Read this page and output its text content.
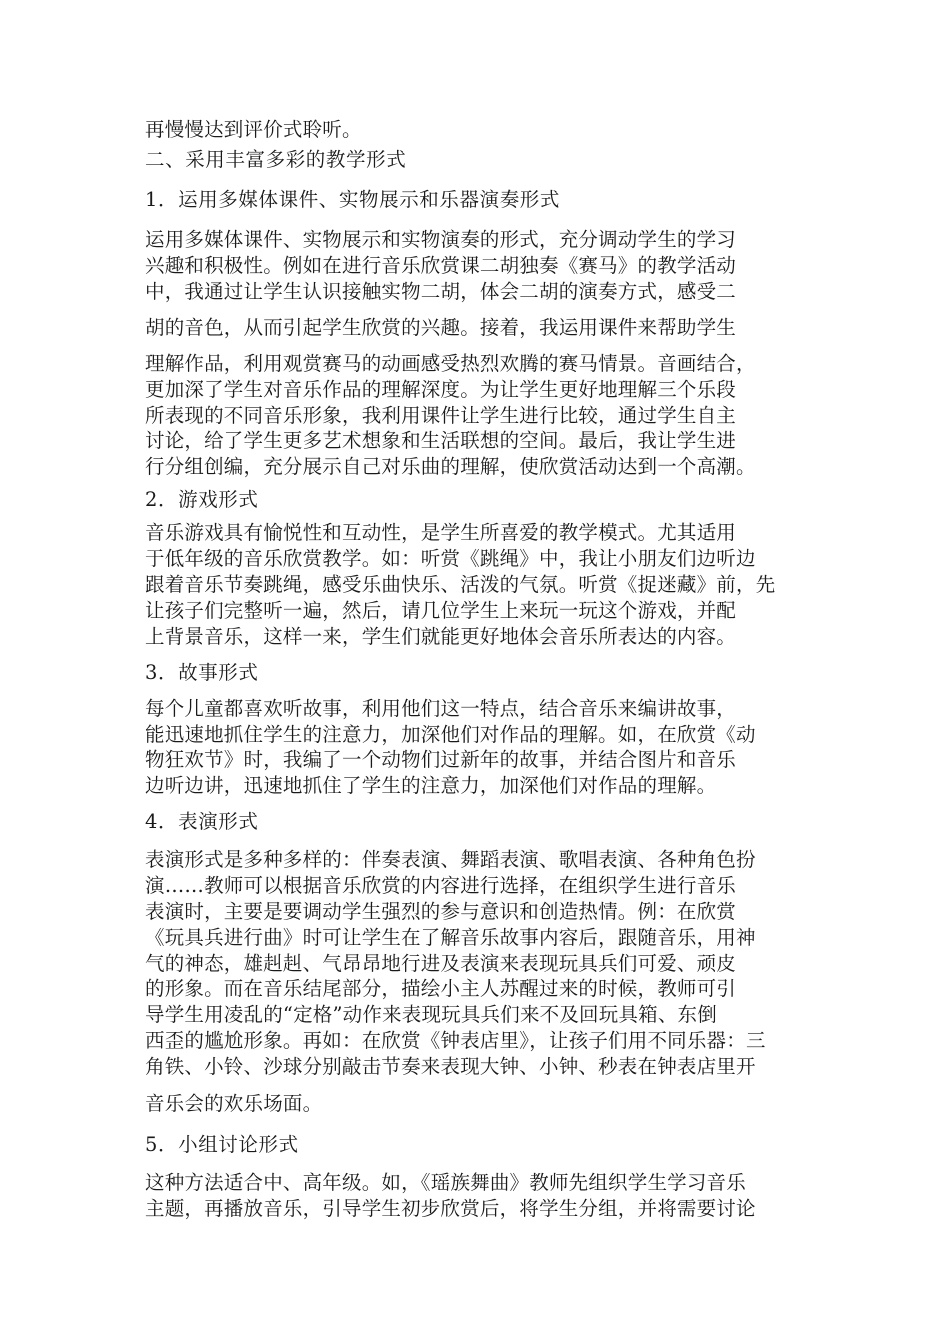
再慢慢达到评价式聆听。

二、采用丰富多彩的教学形式

1．运用多媒体课件、实物展示和乐器演奏形式

运用多媒体课件、实物展示和实物演奏的形式，充分调动学生的学习

兴趣和积极性。例如在进行音乐欣赏课二胡独奏《赛马》的教学活动

中，我通过让学生认识接触实物二胡，体会二胡的演奏方式，感受二

胡的音色，从而引起学生欣赏的兴趣。接着，我运用课件来帮助学生

理解作品，利用观赏赛马的动画感受热烈欢腾的赛马情景。音画结合，

更加深了学生对音乐作品的理解深度。为让学生更好地理解三个乐段

所表现的不同音乐形象，我利用课件让学生进行比较，通过学生自主

讨论，给了学生更多艺术想象和生活联想的空间。最后，我让学生进

行分组创编，充分展示自己对乐曲的理解，使欣赏活动达到一个高潮。

2．游戏形式

音乐游戏具有愉悦性和互动性，是学生所喜爱的教学模式。尤其适用

于低年级的音乐欣赏教学。如：听赏《跳绳》中，我让小朋友们边听边

跟着音乐节奏跳绳，感受乐曲快乐、活泼的气氛。听赏《捉迷藏》前，先

让孩子们完整听一遍，然后，请几位学生上来玩一玩这个游戏，并配

上背景音乐，这样一来，学生们就能更好地体会音乐所表达的内容。

3．故事形式

每个儿童都喜欢听故事，利用他们这一特点，结合音乐来编讲故事，

能迅速地抓住学生的注意力，加深他们对作品的理解。如，在欣赏《动

物狂欢节》时，我编了一个动物们过新年的故事，并结合图片和音乐

边听边讲，迅速地抓住了学生的注意力，加深他们对作品的理解。

4．表演形式

表演形式是多种多样的：伴奏表演、舞蹈表演、歌唱表演、各种角色扮

演……教师可以根据音乐欣赏的内容进行选择，在组织学生进行音乐

表演时，主要是要调动学生强烈的参与意识和创造热情。例：在欣赏

《玩具兵进行曲》时可让学生在了解音乐故事内容后，跟随音乐，用神

气的神态，雄赳赳、气昂昂地行进及表演来表现玩具兵们可爱、顽皮

的形象。而在音乐结尾部分，描绘小主人苏醒过来的时候，教师可引

导学生用凌乱的“定格”动作来表现玩具兵们来不及回玩具箱、东倒

西歪的尴尬形象。再如：在欣赏《钟表店里》，让孩子们用不同乐器：三

角铁、小铃、沙球分别敲击节奏来表现大钟、小钟、秒表在钟表店里开

音乐会的欢乐场面。

5．小组讨论形式

这种方法适合中、高年级。如，《瑶族舞曲》教师先组织学生学习音乐

主题，再播放音乐，引导学生初步欣赏后，将学生分组，并将需要讨论
